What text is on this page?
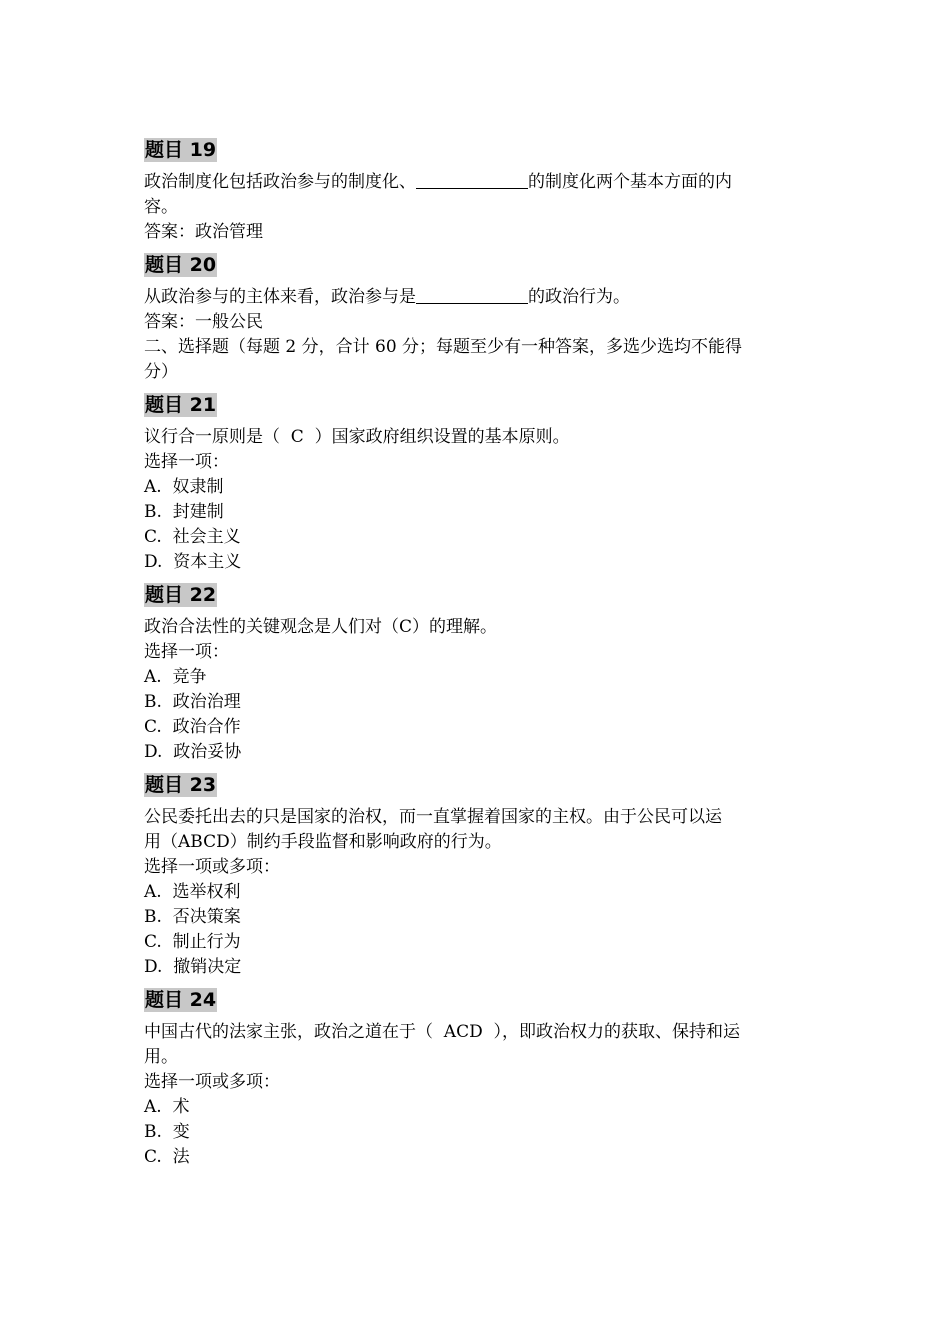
题目 19

政治制度化包括政治参与的制度化、	的制度化两个基本方面的内

容。

答案：政治管理

题目 20

从政治参与的主体来看，政治参与是	的政治行为。

答案：一般公民

二、选择题（每题 2 分，合计 60 分；每题至少有一种答案，多选少选均不能得

分）

题目 21

议行合一原则是（  C  ）国家政府组织设置的基本原则。

选择一项：

A.  奴隶制

B.  封建制

C.  社会主义

D.  资本主义

题目 22

政治合法性的关键观念是人们对（C）的理解。

选择一项：

A.  竞争

B.  政治治理

C.  政治合作

D.  政治妥协

题目 23

公民委托出去的只是国家的治权，而一直掌握着国家的主权。由于公民可以运

用（ABCD）制约手段监督和影响政府的行为。

选择一项或多项：

A.  选举权利

B.  否决策案

C.  制止行为

D.  撤销决定

题目 24

中国古代的法家主张，政治之道在于（  ACD  ），即政治权力的获取、保持和运

用。

选择一项或多项：

A.  术

B.  变

C.  法
